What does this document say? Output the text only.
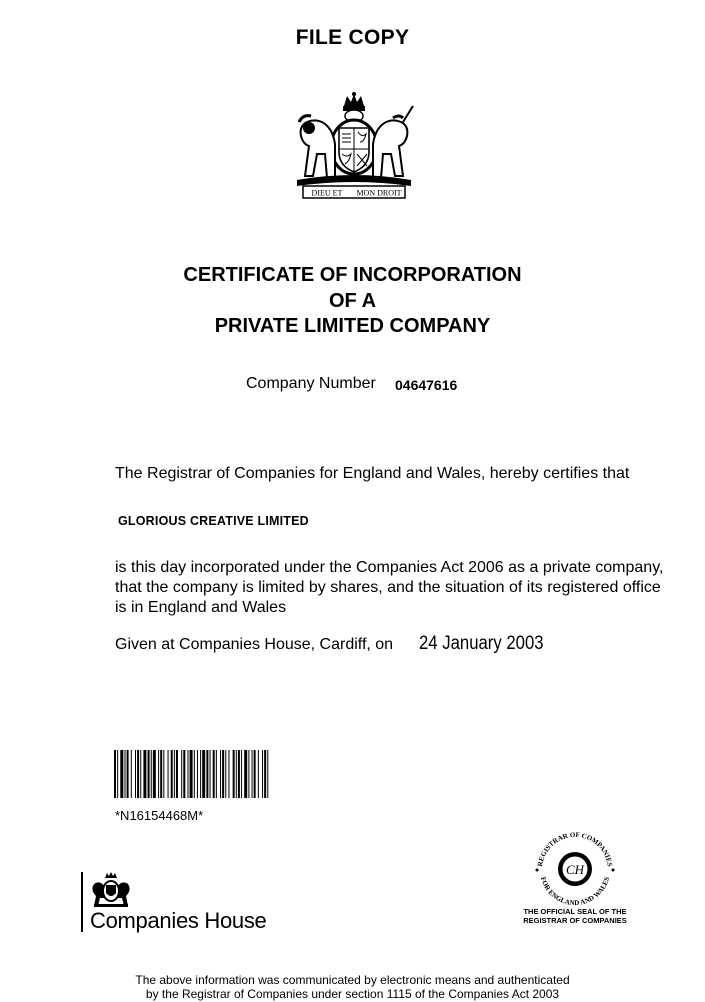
FILE COPY
DIEU ET MON DROIT
CERTIFICATE OF INCORPORATION
OF A
PRIVATE LIMITED COMPANY
Company Number 04647616
The Registrar of Companies for England and Wales, hereby certifies that
GLORIOUS CREATIVE LIMITED
is this day incorporated under the Companies Act 2006 as a private company, that the company is limited by shares, and the situation of its registered office is in England and Wales
Given at Companies House, Cardiff, on 24 January 2003
*N16154468M*
Companies House
REGISTRAR OF COMPANIES
FOR ENGLAND AND WALES
CH
THE OFFICIAL SEAL OF THE
REGISTRAR OF COMPANIES
The above information was communicated by electronic means and authenticated
by the Registrar of Companies under section 1115 of the Companies Act 2003
